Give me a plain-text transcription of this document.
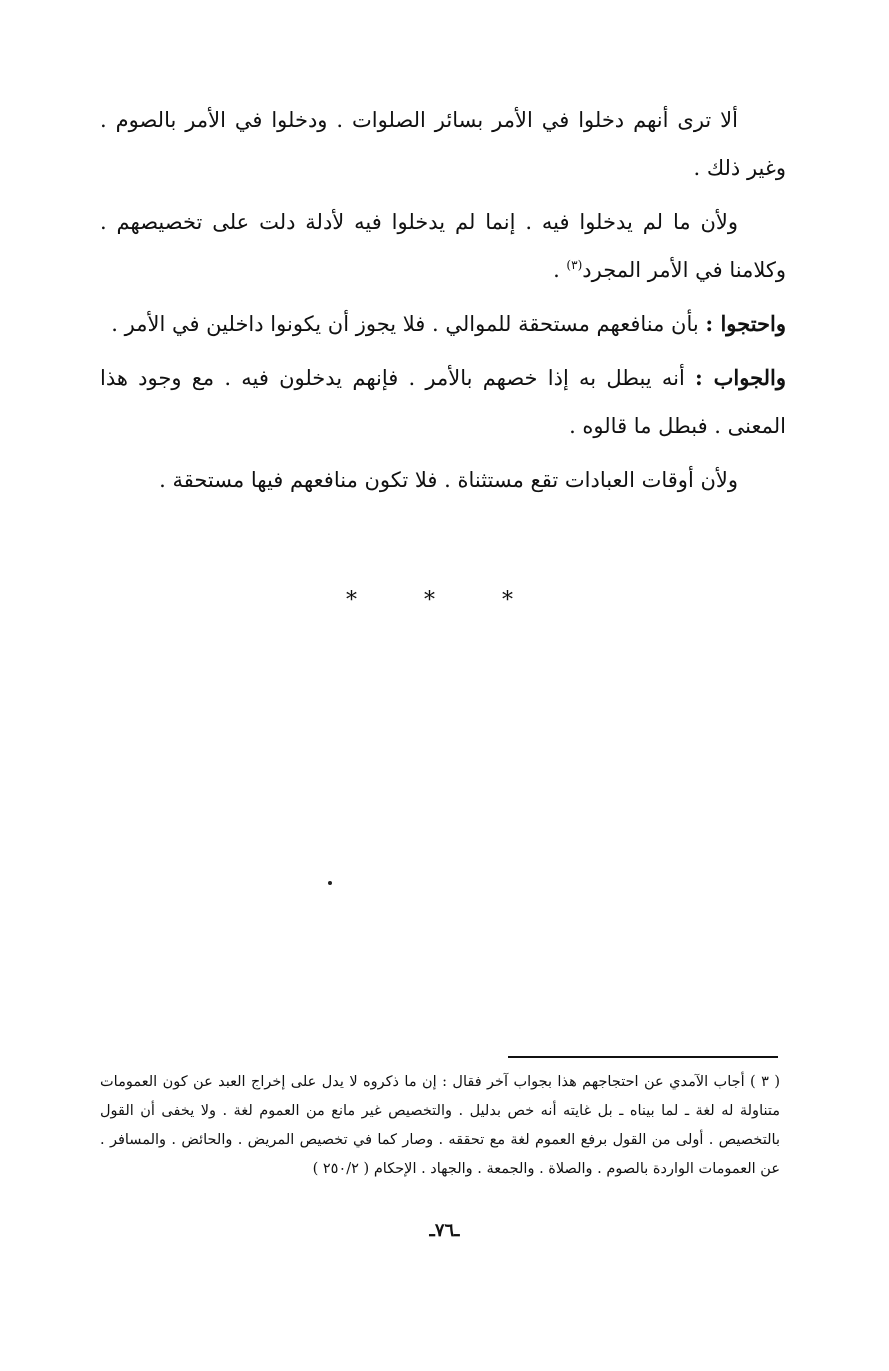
ألا ترى أنهم دخلوا في الأمر بسائر الصلوات . ودخلوا في الأمر بالصوم . وغير ذلك .

ولأن ما لم يدخلوا فيه . إنما لم يدخلوا فيه لأدلة دلت على تخصيصهم . وكلامنا في الأمر المجرد$^{(٣)}$ .

واحتجوا : بأن منافعهم مستحقة للموالي . فلا يجوز أن يكونوا داخلين في الأمر .

والجواب : أنه يبطل به إذا خصهم بالأمر . فإنهم يدخلون فيه . مع وجود هذا المعنى . فبطل ما قالوه .

ولأن أوقات العبادات تقع مستثناة . فلا تكون منافعهم فيها مستحقة .

* * *
( ٣ ) أجاب الآمدي عن احتجاجهم هذا بجواب آخر فقال : إن ما ذكروه لا يدل على إخراج العبد عن كون العمومات متناولة له لغة ـ لما بيناه ـ بل غايته أنه خص بدليل . والتخصيص غير مانع من العموم لغة . ولا يخفى أن القول بالتخصيص . أولى من القول برفع العموم لغة مع تحققه . وصار كما في تخصيص المريض . والحائض . والمسافر . عن العمومات الواردة بالصوم . والصلاة . والجمعة . والجهاد . الإحكام ( ٢٥٠/٢ )
ـ٧٦ـ
